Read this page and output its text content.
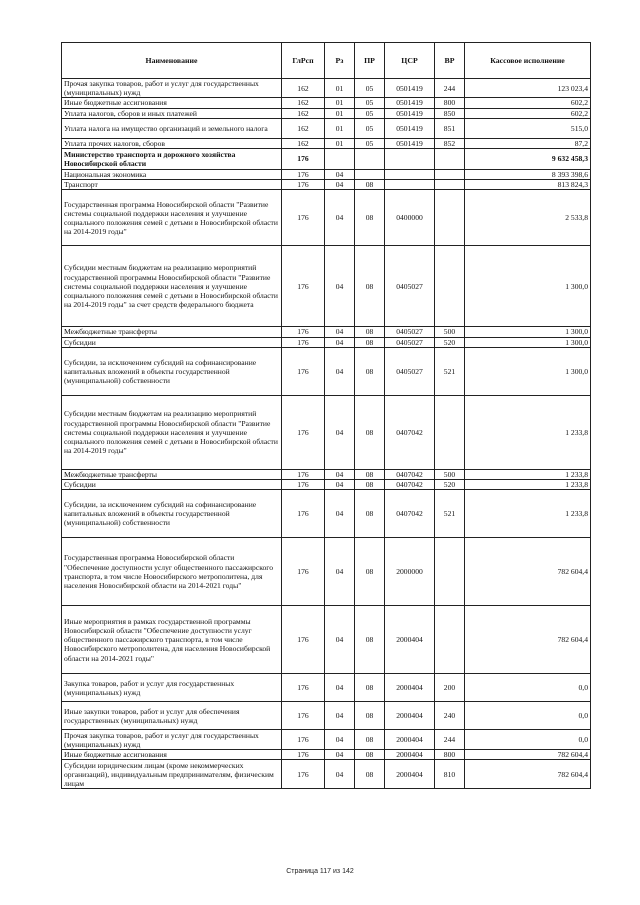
Наименование	ГлРсп	Рз	ПР	ЦСР	ВР	Кассовое исполнение
Прочая закупка товаров, работ и услуг для государственных (муниципальных) нужд	162	01	05	0501419	244	123 023,4
Иные бюджетные ассигнования	162	01	05	0501419	800	602,2
Уплата налогов, сборов и иных платежей	162	01	05	0501419	850	602,2
Уплата налога на имущество организаций и земельного налога	162	01	05	0501419	851	515,0
Уплата прочих налогов, сборов	162	01	05	0501419	852	87,2
Министерство транспорта и дорожного хозяйства Новосибирской области	176					9 632 458,3
Национальная экономика	176	04				8 393 398,6
Транспорт	176	04	08			813 824,3
Государственная программа Новосибирской области "Развитие системы социальной поддержки населения и улучшение социального положения семей с детьми в Новосибирской области на 2014-2019 годы"	176	04	08	0400000		2 533,8
Субсидии местным бюджетам на реализацию мероприятий государственной программы Новосибирской области "Развитие системы социальной поддержки населения и улучшение социального положения семей с детьми в Новосибирской области на 2014-2019 годы" за счет средств федерального бюджета	176	04	08	0405027		1 300,0
Межбюджетные трансферты	176	04	08	0405027	500	1 300,0
Субсидии	176	04	08	0405027	520	1 300,0
Субсидии, за исключением субсидий на софинансирование капитальных вложений в объекты государственной (муниципальной) собственности	176	04	08	0405027	521	1 300,0
Субсидии местным бюджетам на реализацию мероприятий государственной программы Новосибирской области "Развитие системы социальной поддержки населения и улучшение социального положения семей с детьми в Новосибирской области на 2014-2019 годы"	176	04	08	0407042		1 233,8
Межбюджетные трансферты	176	04	08	0407042	500	1 233,8
Субсидии	176	04	08	0407042	520	1 233,8
Субсидии, за исключением субсидий на софинансирование капитальных вложений в объекты государственной (муниципальной) собственности	176	04	08	0407042	521	1 233,8
Государственная программа Новосибирской области "Обеспечение доступности услуг общественного пассажирского транспорта, в том числе Новосибирского метрополитена, для населения Новосибирской области на 2014-2021 годы"	176	04	08	2000000		782 604,4
Иные мероприятия в рамках государственной программы Новосибирской области "Обеспечение доступности услуг общественного пассажирского транспорта, в том числе Новосибирского метрополитена, для населения Новосибирской области на 2014-2021 годы"	176	04	08	2000404		782 604,4
Закупка товаров, работ и услуг для государственных (муниципальных) нужд	176	04	08	2000404	200	0,0
Иные закупки товаров, работ и услуг для обеспечения государственных (муниципальных) нужд	176	04	08	2000404	240	0,0
Прочая закупка товаров, работ и услуг для государственных (муниципальных) нужд	176	04	08	2000404	244	0,0
Иные бюджетные ассигнования	176	04	08	2000404	800	782 604,4
Субсидии юридическим лицам (кроме некоммерческих организаций), индивидуальным предпринимателям, физическим лицам	176	04	08	2000404	810	782 604,4
Страница 117 из 142
